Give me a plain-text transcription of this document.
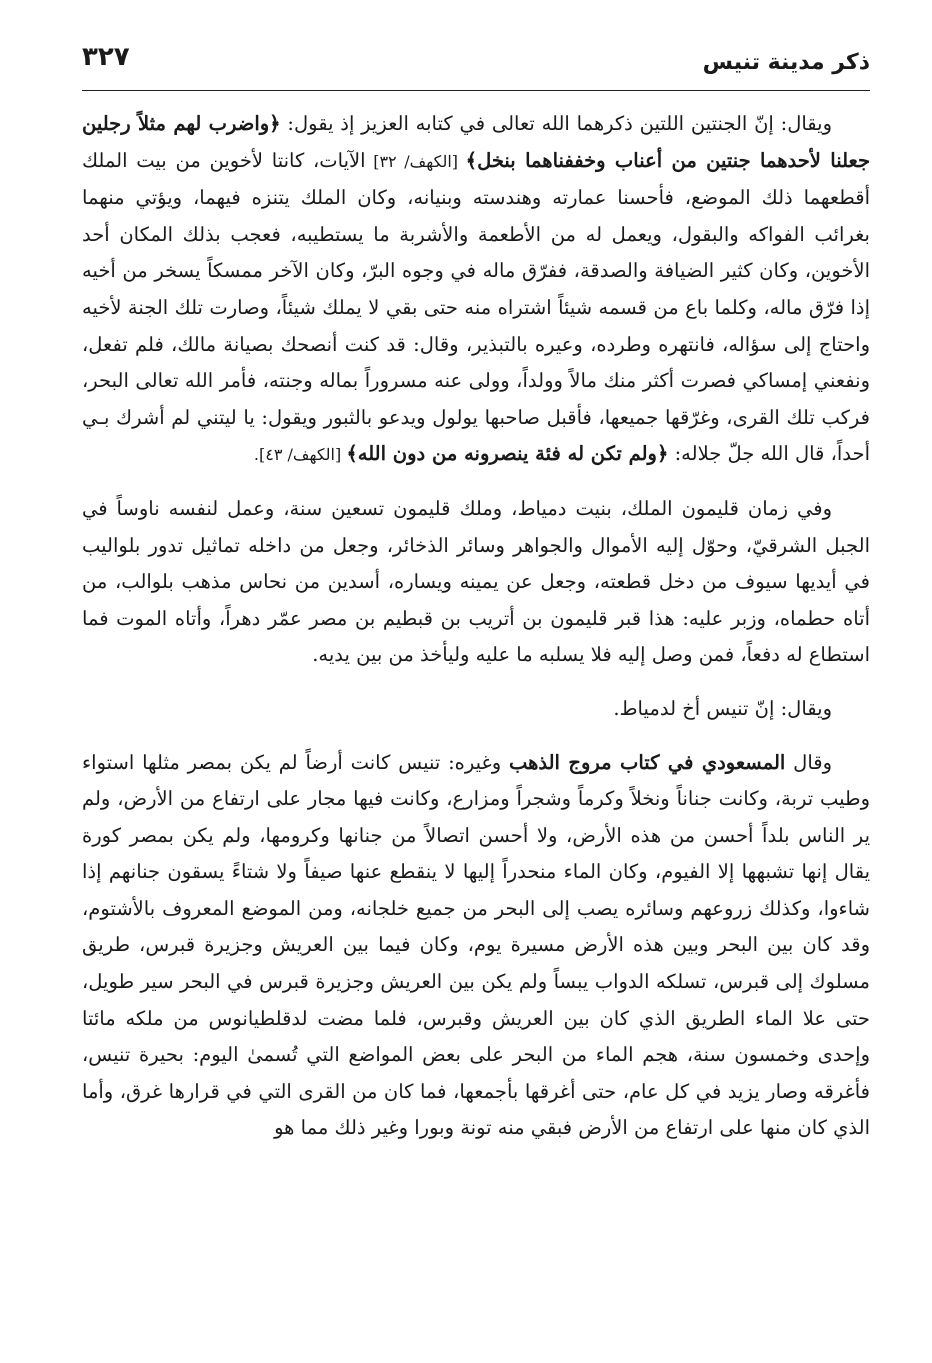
ذكر مدينة تنيس
٣٢٧

ويقال: إنّ الجنتين اللتين ذكرهما الله تعالى في كتابه العزيز إذ يقول: ﴿واضرب لهم مثلاً رجلين جعلنا لأحدهما جنتين من أعناب وخففناهما بنخل﴾ [الكهف/ ٣٢] الآيات، كانتا لأخوين من بيت الملك أقطعهما ذلك الموضع، فأحسنا عمارته وهندسته وبنيانه، وكان الملك يتنزه فيهما، ويؤتي منهما بغرائب الفواكه والبقول، ويعمل له من الأطعمة والأشربة ما يستطيبه، فعجب بذلك المكان أحد الأخوين، وكان كثير الضيافة والصدقة، ففرّق ماله في وجوه البرّ، وكان الآخر ممسكاً يسخر من أخيه إذا فرّق ماله، وكلما باع من قسمه شيئاً اشتراه منه حتى بقي لا يملك شيئاً، وصارت تلك الجنة لأخيه واحتاج إلى سؤاله، فانتهره وطرده، وعيره بالتبذير، وقال: قد كنت أنصحك بصيانة مالك، فلم تفعل، ونفعني إمساكي فصرت أكثر منك مالاً وولداً، وولى عنه مسروراً بماله وجنته، فأمر الله تعالى البحر، فركب تلك القرى، وغرّقها جميعها، فأقبل صاحبها يولول ويدعو بالثبور ويقول: يا ليتني لم أشرك بـي أحداً، قال الله جلّ جلاله: ﴿ولم تكن له فئة ينصرونه من دون الله﴾ [الكهف/ ٤٣].

وفي زمان قليمون الملك، بنيت دمياط، وملك قليمون تسعين سنة، وعمل لنفسه ناوساً في الجبل الشرقيّ، وحوّل إليه الأموال والجواهر وسائر الذخائر، وجعل من داخله تماثيل تدور بلواليب في أيديها سيوف من دخل قطعته، وجعل عن يمينه ويساره، أسدين من نحاس مذهب بلوالب، من أتاه حطماه، وزبر عليه: هذا قبر قليمون بن أتريب بن قبطيم بن مصر عمّر دهراً، وأتاه الموت فما استطاع له دفعاً، فمن وصل إليه فلا يسلبه ما عليه وليأخذ من بين يديه.

ويقال: إنّ تنيس أخ لدمياط.

وقال المسعودي في كتاب مروج الذهب وغيره: تنيس كانت أرضاً لم يكن بمصر مثلها استواء وطيب تربة، وكانت جناناً ونخلاً وكرماً وشجراً ومزارع، وكانت فيها مجار على ارتفاع من الأرض، ولم ير الناس بلداً أحسن من هذه الأرض، ولا أحسن اتصالاً من جنانها وكرومها، ولم يكن بمصر كورة يقال إنها تشبهها إلا الفيوم، وكان الماء منحدراً إليها لا ينقطع عنها صيفاً ولا شتاءً يسقون جنانهم إذا شاءوا، وكذلك زروعهم وسائره يصب إلى البحر من جميع خلجانه، ومن الموضع المعروف بالأشتوم، وقد كان بين البحر وبين هذه الأرض مسيرة يوم، وكان فيما بين العريش وجزيرة قبرس، طريق مسلوك إلى قبرس، تسلكه الدواب يبساً ولم يكن بين العريش وجزيرة قبرس في البحر سير طويل، حتى علا الماء الطريق الذي كان بين العريش وقبرس، فلما مضت لدقلطيانوس من ملكه مائتا وإحدى وخمسون سنة، هجم الماء من البحر على بعض المواضع التي تُسمىٰ اليوم: بحيرة تنيس، فأغرقه وصار يزيد في كل عام، حتى أغرقها بأجمعها، فما كان من القرى التي في قرارها غرق، وأما الذي كان منها على ارتفاع من الأرض فبقي منه تونة وبورا وغير ذلك مما هو
